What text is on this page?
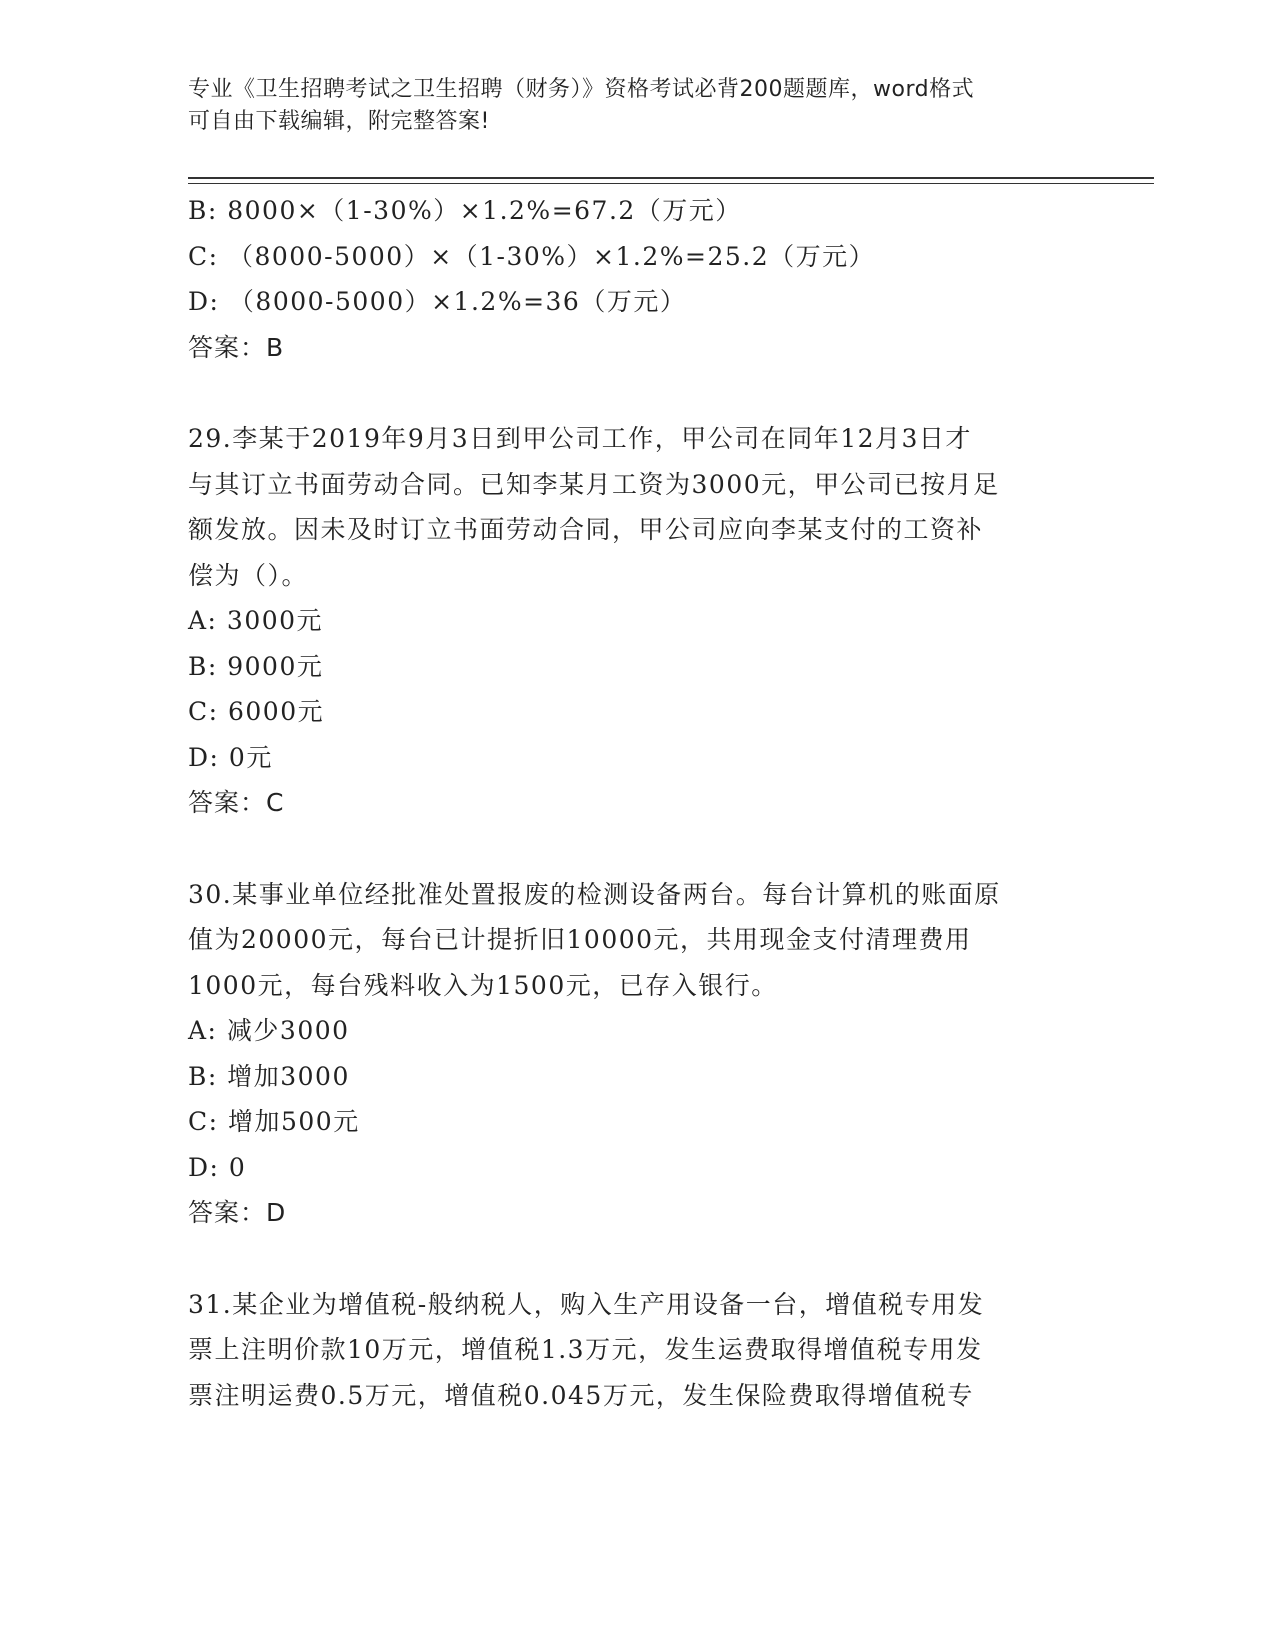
专业《卫生招聘考试之卫生招聘（财务）》资格考试必背200题题库，word格式
可自由下载编辑，附完整答案!
B: 8000×（1-30%）×1.2%=67.2（万元）
C: （8000-5000）×（1-30%）×1.2%=25.2（万元）
D: （8000-5000）×1.2%=36（万元）
答案：B
29.李某于2019年9月3日到甲公司工作，甲公司在同年12月3日才
与其订立书面劳动合同。已知李某月工资为3000元，甲公司已按月足
额发放。因未及时订立书面劳动合同，甲公司应向李某支付的工资补
偿为（）。
A: 3000元
B: 9000元
C: 6000元
D: 0元
答案：C
30.某事业单位经批准处置报废的检测设备两台。每台计算机的账面原
值为20000元，每台已计提折旧10000元，共用现金支付清理费用
1000元，每台残料收入为1500元，已存入银行。
A: 减少3000
B: 增加3000
C: 增加500元
D: 0
答案：D
31.某企业为增值税-般纳税人，购入生产用设备一台，增值税专用发
票上注明价款10万元，增值税1.3万元，发生运费取得增值税专用发
票注明运费0.5万元，增值税0.045万元，发生保险费取得增值税专
